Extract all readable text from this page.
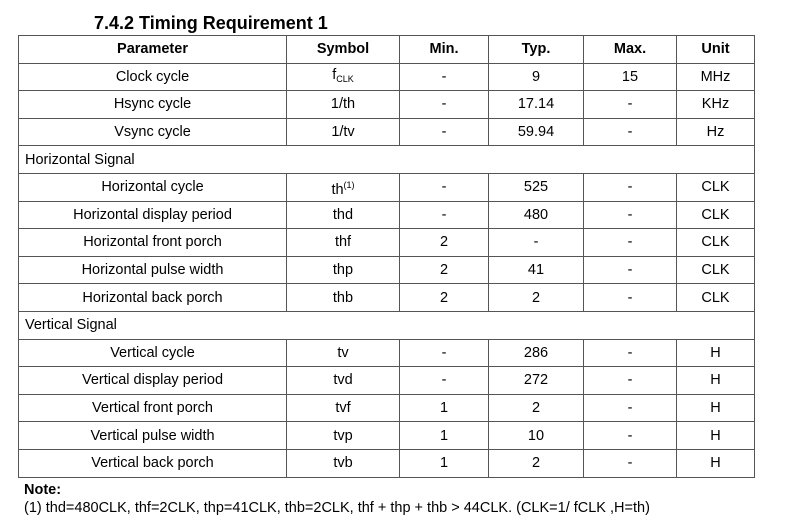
7.4.2 Timing Requirement 1
Parameter	Symbol	Min.	Typ.	Max.	Unit
Clock cycle	$f_{CLK}$	-	9	15	MHz
Hsync cycle	1/th	-	17.14	-	KHz
Vsync cycle	1/tv	-	59.94	-	Hz
Horizontal Signal					
Horizontal cycle	$th^{(1)}$	-	525	-	CLK
Horizontal display period	thd	-	480	-	CLK
Horizontal front porch	thf	2	-	-	CLK
Horizontal pulse width	thp	2	41	-	CLK
Horizontal back porch	thb	2	2	-	CLK
Vertical Signal					
Vertical cycle	tv	-	286	-	H
Vertical display period	tvd	-	272	-	H
Vertical front porch	tvf	1	2	-	H
Vertical pulse width	tvp	1	10	-	H
Vertical back porch	tvb	1	2	-	H
Note:
(1) thd=480CLK, thf=2CLK, thp=41CLK, thb=2CLK, thf + thp + thb > 44CLK. (CLK=1/ fCLK ,H=th)
